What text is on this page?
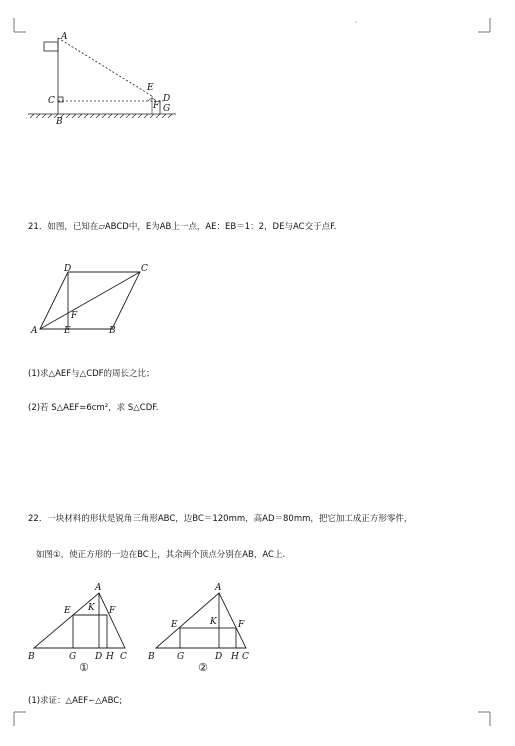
A
C
B
E
F
D
G
21．如图，已知在▱ABCD中，E为AB上一点，AE：EB＝1：2，DE与AC交于点F.
D	C
A	E	B
F
(1)求△AEF与△CDF的周长之比；
(2)若 S△AEF=6cm²，求 S△CDF.
22．一块材料的形状是锐角三角形ABC，边BC＝120mm，高AD＝80mm，把它加工成正方形零件，
如图①，使正方形的一边在BC上，其余两个顶点分别在AB，AC上.
A
E K F
B	G D H C
①
A
E	K F
B G	D H C
②
(1)求证：△AEF∽△ABC;
